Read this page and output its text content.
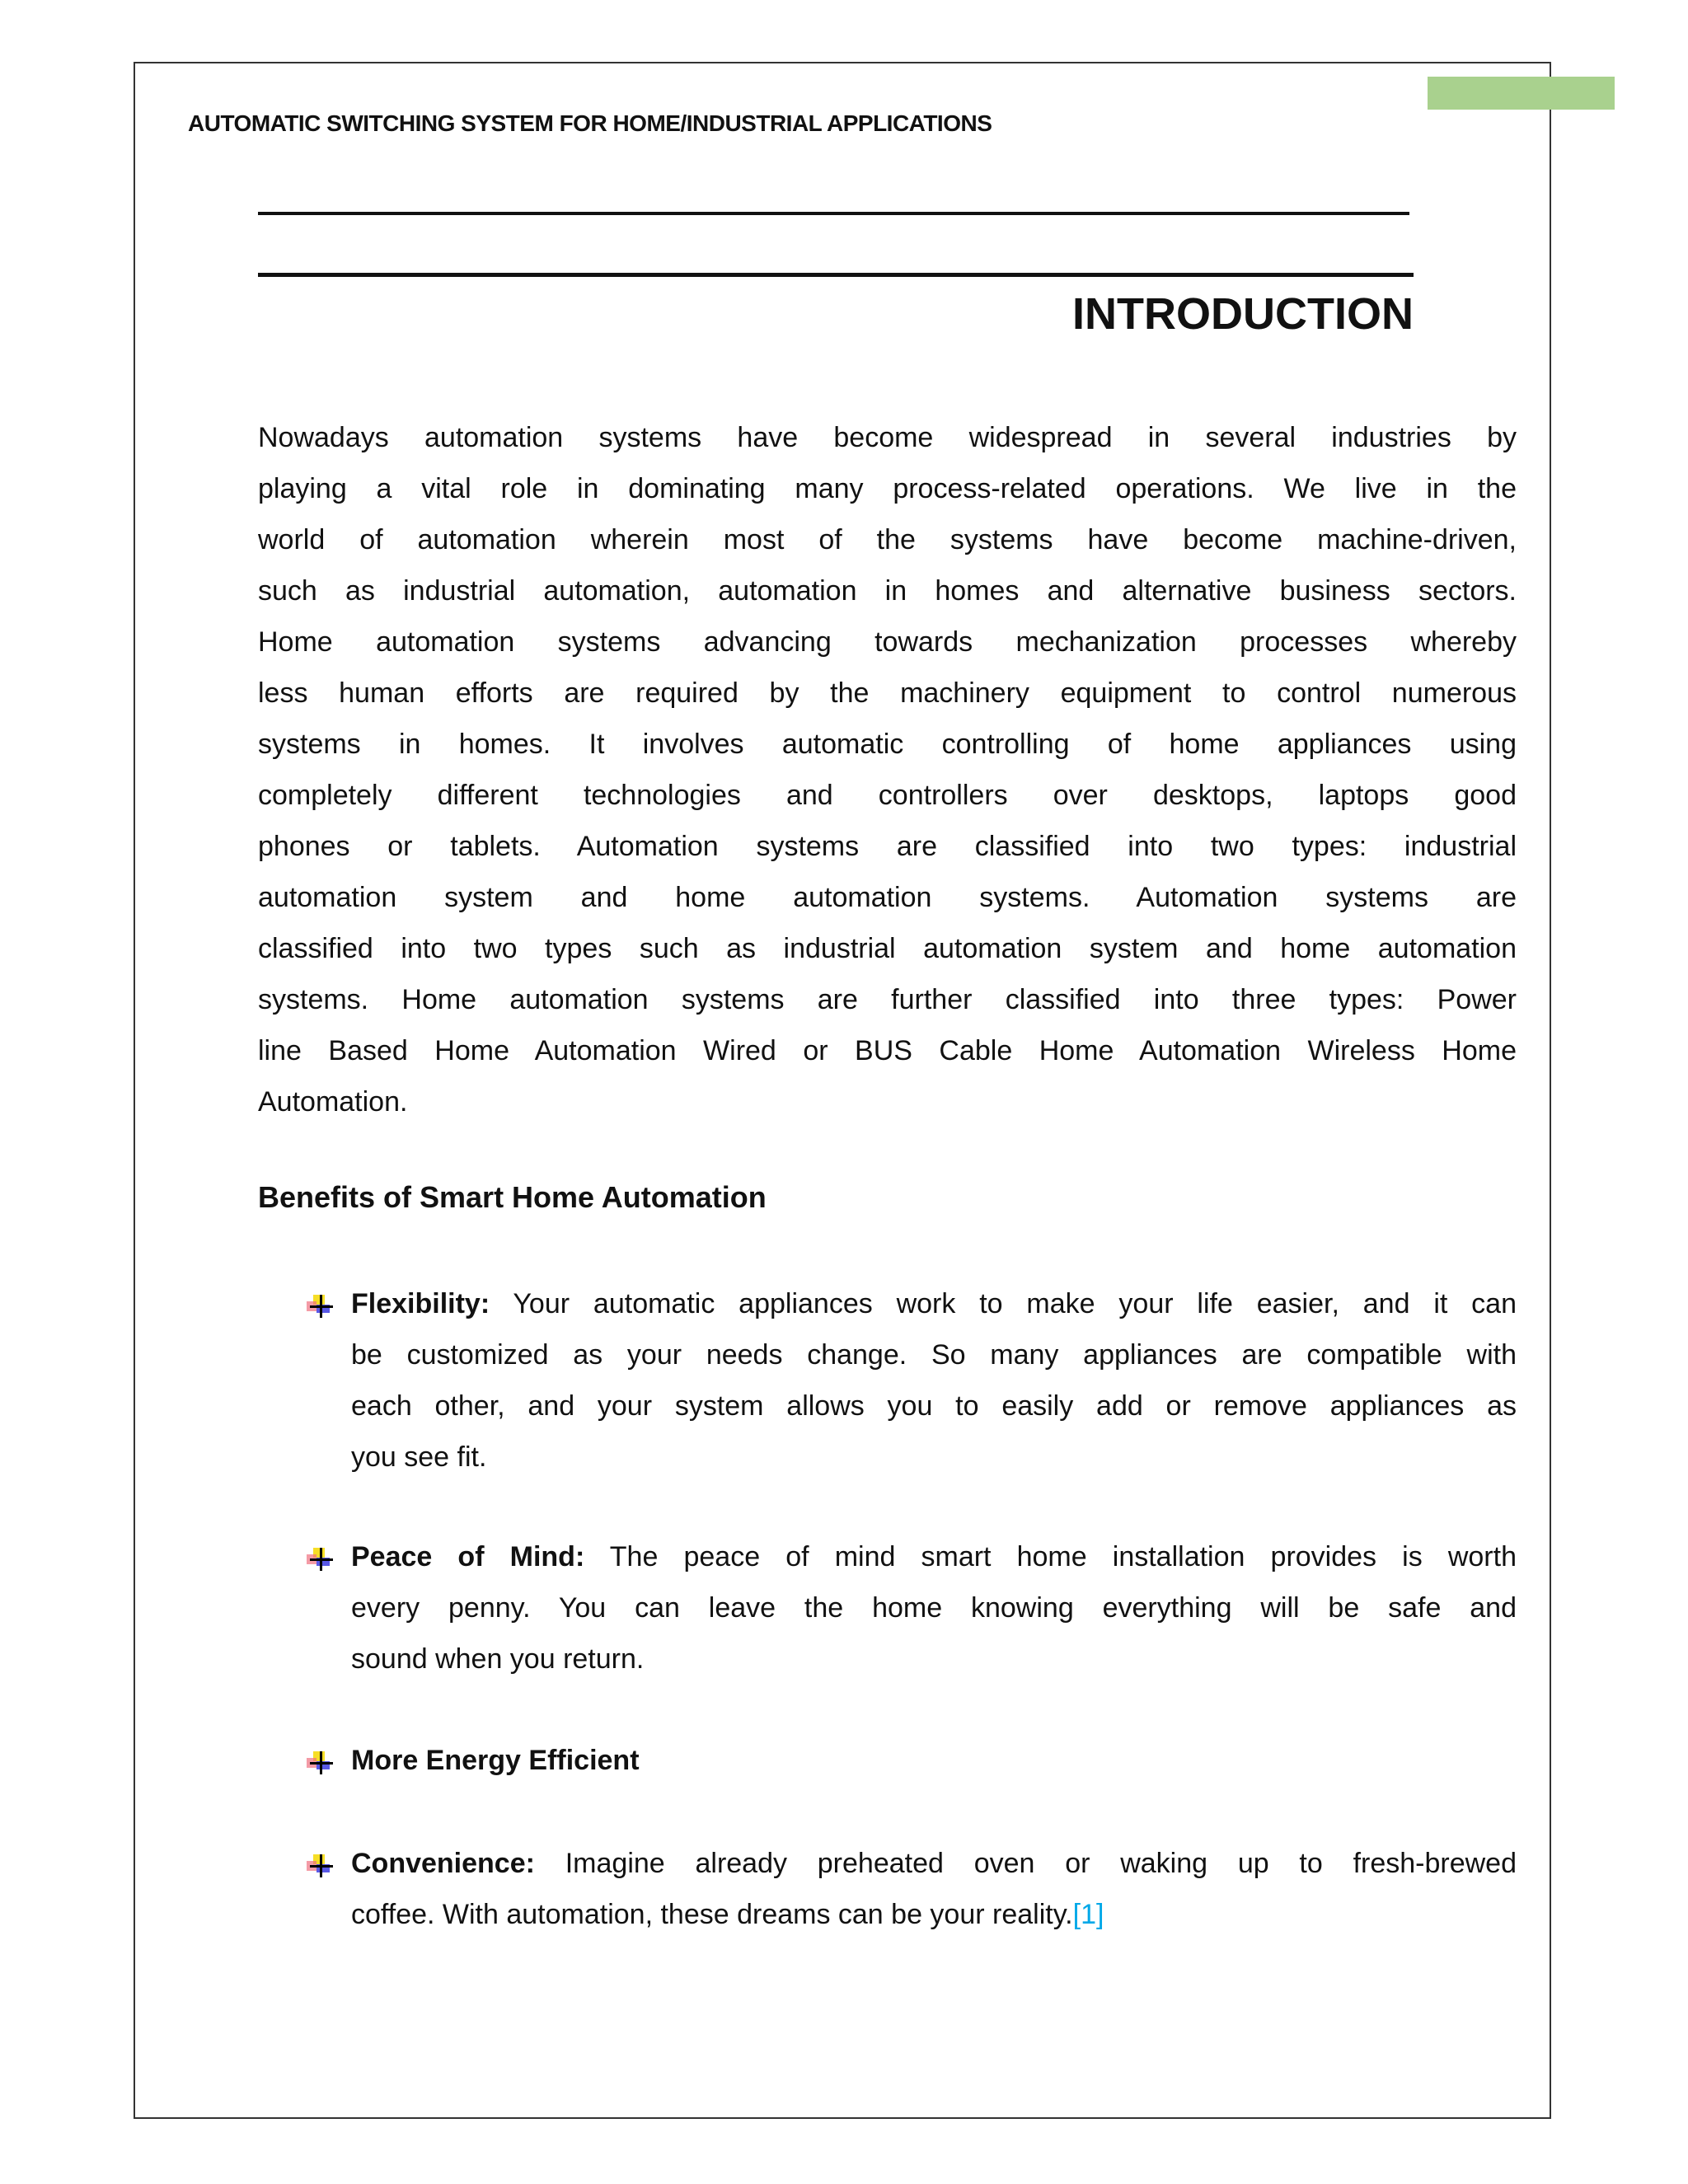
AUTOMATIC SWITCHING SYSTEM FOR HOME/INDUSTRIAL APPLICATIONS
INTRODUCTION
Nowadays automation systems have become widespread in several industries by
playing a vital role in dominating many process-related operations. We live in the
world of automation wherein most of the systems have become machine-driven,
such as industrial automation, automation in homes and alternative business sectors.
Home automation systems advancing towards mechanization processes whereby
less human efforts are required by the machinery equipment to control numerous
systems in homes. It involves automatic controlling of home appliances using
completely different technologies and controllers over desktops, laptops good
phones or tablets. Automation systems are classified into two types: industrial
automation system and home automation systems. Automation systems are
classified into two types such as industrial automation system and home automation
systems. Home automation systems are further classified into three types: Power
line Based Home Automation Wired or BUS Cable Home Automation Wireless Home
Automation.
Benefits of Smart Home Automation
Flexibility: Your automatic appliances work to make your life easier, and it can
be customized as your needs change. So many appliances are compatible with
each other, and your system allows you to easily add or remove appliances as
you see fit.
Peace of Mind: The peace of mind smart home installation provides is worth
every penny. You can leave the home knowing everything will be safe and
sound when you return.
More Energy Efficient
Convenience: Imagine already preheated oven or waking up to fresh-brewed
coffee. With automation, these dreams can be your reality.[1]
